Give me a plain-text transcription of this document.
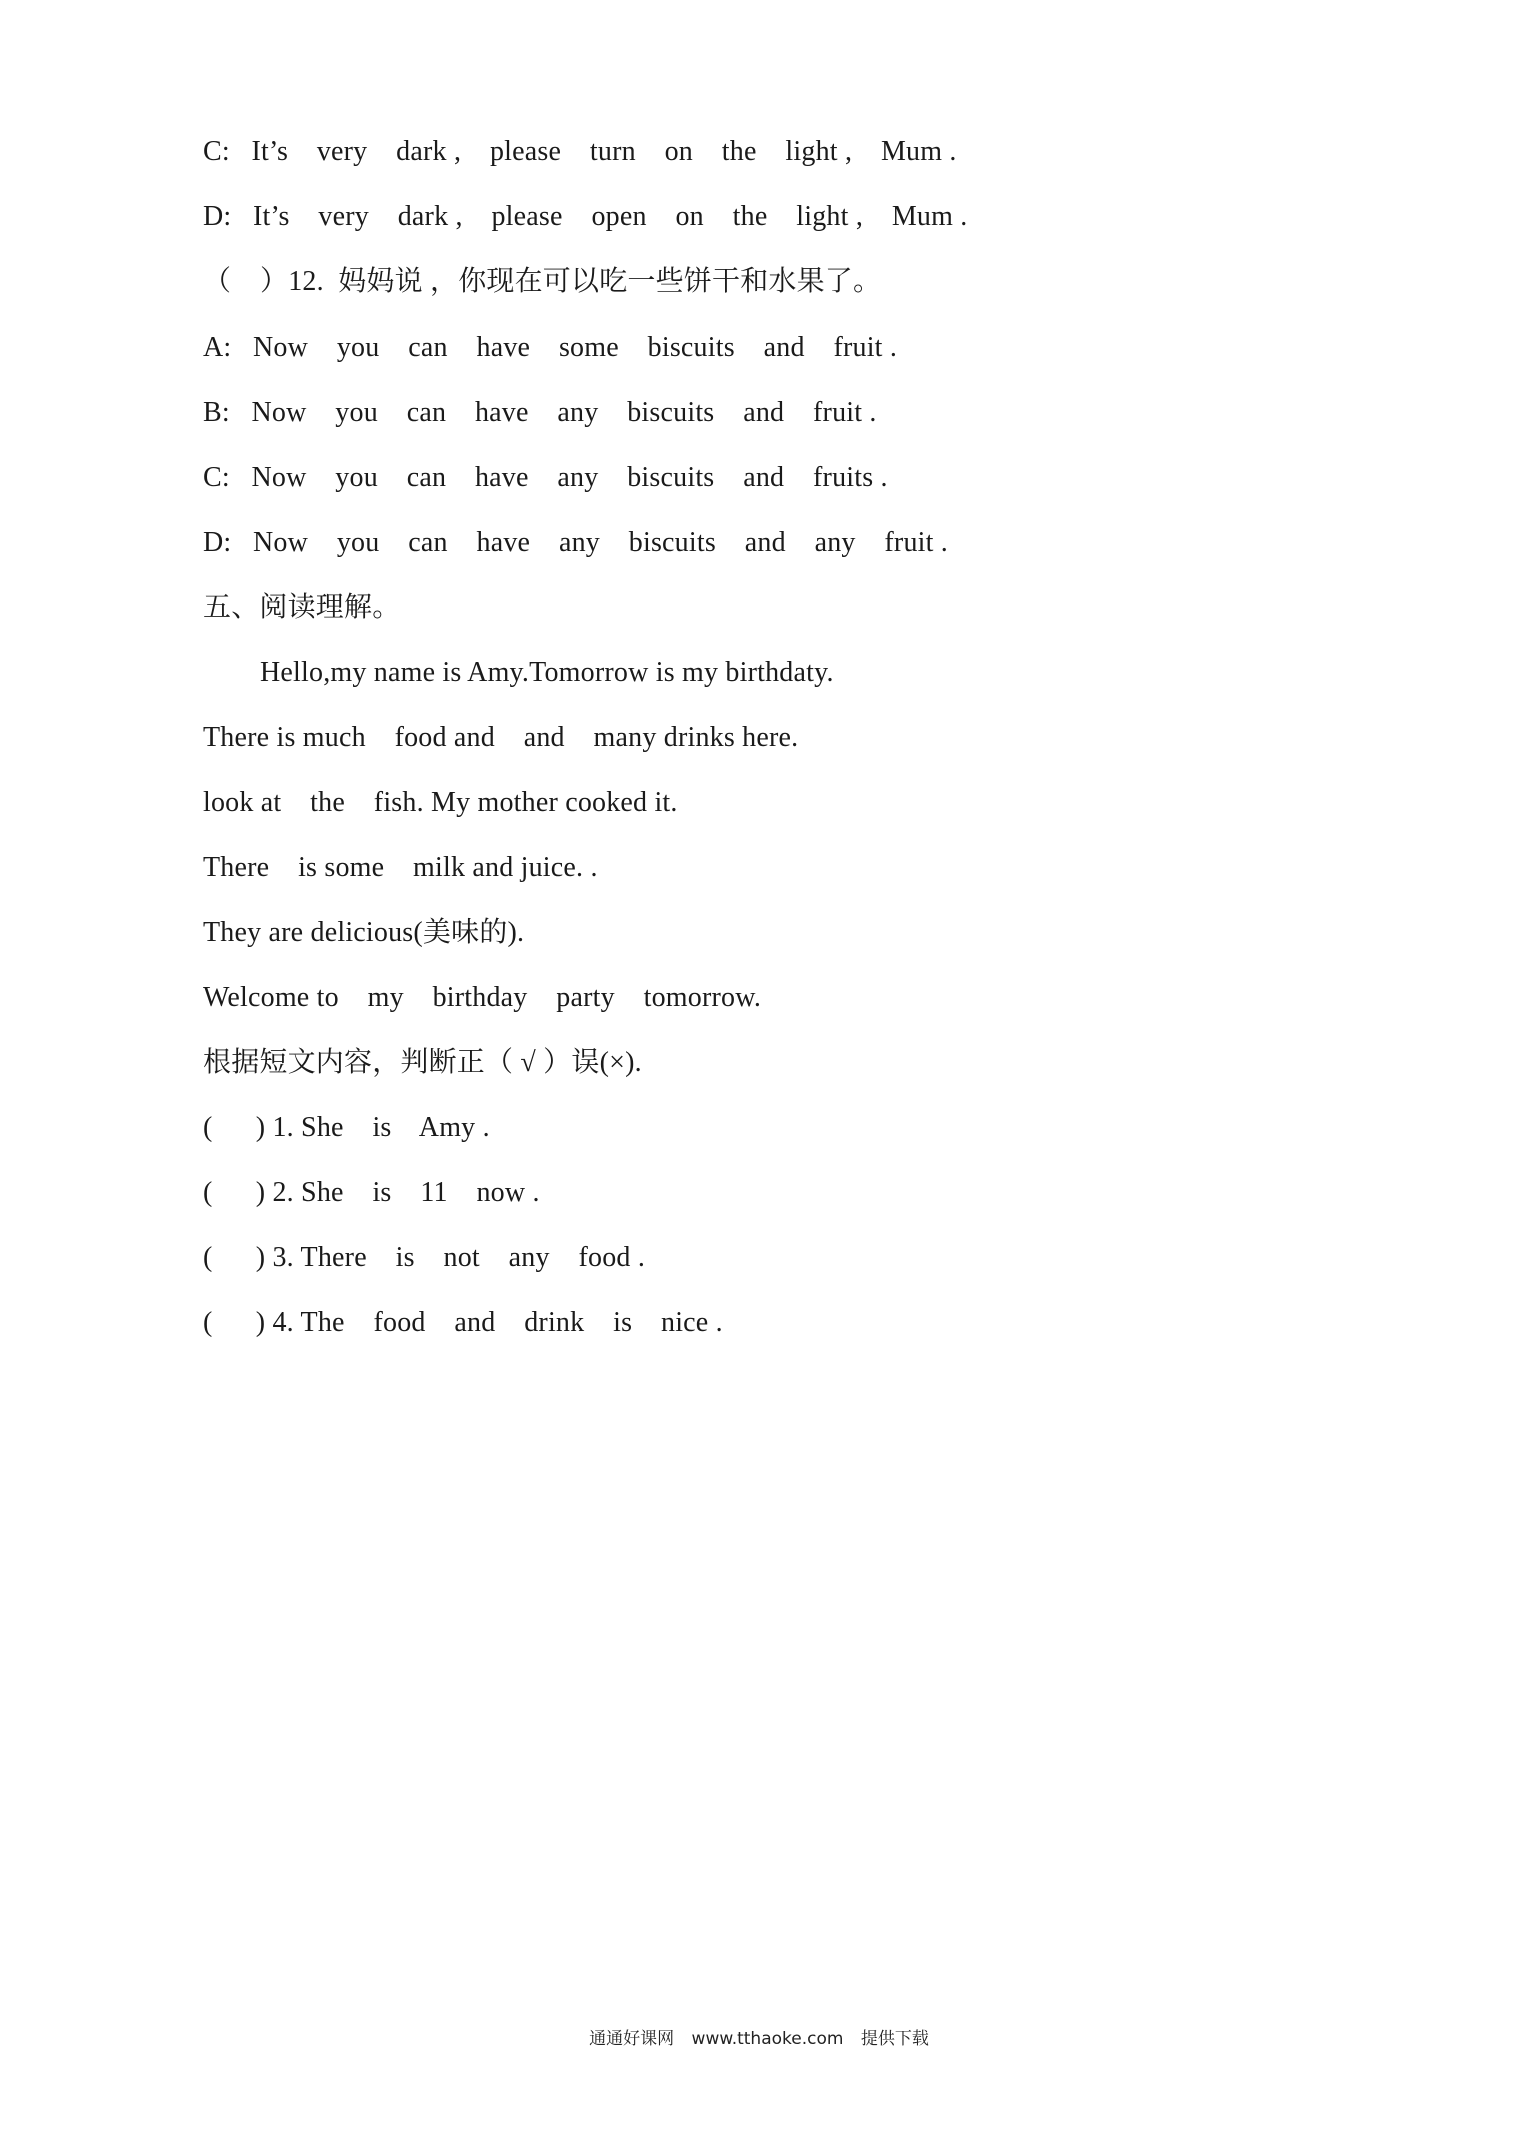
C:   It’s    very    dark ,    please    turn    on    the    light ,    Mum .
D:   It’s    very    dark ,    please    open    on    the    light ,    Mum .
（    ）12.  妈妈说 ，你现在可以吃一些饼干和水果了。
A:   Now    you    can    have    some    biscuits    and    fruit .
B:   Now    you    can    have    any    biscuits    and    fruit .
C:   Now    you    can    have    any    biscuits    and    fruits .
D:   Now    you    can    have    any    biscuits    and    any    fruit .
五、阅读理解。
Hello,my name is Amy.Tomorrow is my birthdaty.
There is much    food and    and    many drinks here.
look at    the    fish. My mother cooked it.
There    is some    milk and juice. .
They are delicious(美味的).
Welcome to    my    birthday    party    tomorrow.
根据短文内容，判断正（ √ ）误(×).
(      ) 1. She    is    Amy .
(      ) 2. She    is    11    now .
(      ) 3. There    is    not    any    food .
(      ) 4. The    food    and    drink    is    nice .
通通好课网 www.tthaoke.com 提供下载
